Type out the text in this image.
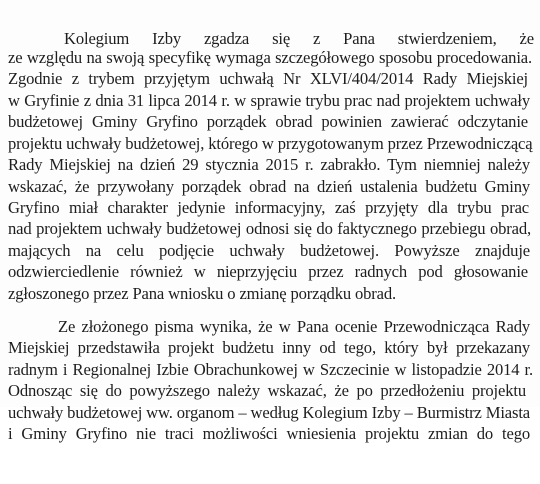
Kolegium Izby zgadza się z Pana stwierdzeniem, że

ze względu na swoją specyfikę wymaga szczegółowego sposobu procedowania.

Zgodnie z trybem przyjętym uchwałą Nr XLVI/404/2014 Rady Miejskiej

w Gryfinie z dnia 31 lipca 2014 r. w sprawie trybu prac nad projektem uchwały

budżetowej Gminy Gryfino porządek obrad powinien zawierać odczytanie

projektu uchwały budżetowej, którego w przygotowanym przez Przewodniczącą

Rady Miejskiej na dzień 29 stycznia 2015 r. zabrakło. Tym niemniej należy

wskazać, że przywołany porządek obrad na dzień ustalenia budżetu Gminy

Gryfino miał charakter jedynie informacyjny, zaś przyjęty dla trybu prac

nad projektem uchwały budżetowej odnosi się do faktycznego przebiegu obrad,

mających na celu podjęcie uchwały budżetowej. Powyższe znajduje

odzwierciedlenie również w nieprzyjęciu przez radnych pod głosowanie

zgłoszonego przez Pana wniosku o zmianę porządku obrad.

Ze złożonego pisma wynika, że w Pana ocenie Przewodnicząca Rady

Miejskiej przedstawiła projekt budżetu inny od tego, który był przekazany

radnym i Regionalnej Izbie Obrachunkowej w Szczecinie w listopadzie 2014 r.

Odnosząc się do powyższego należy wskazać, że po przedłożeniu projektu

uchwały budżetowej ww. organom – według Kolegium Izby – Burmistrz Miasta

i Gminy Gryfino nie traci możliwości wniesienia projektu zmian do tego
